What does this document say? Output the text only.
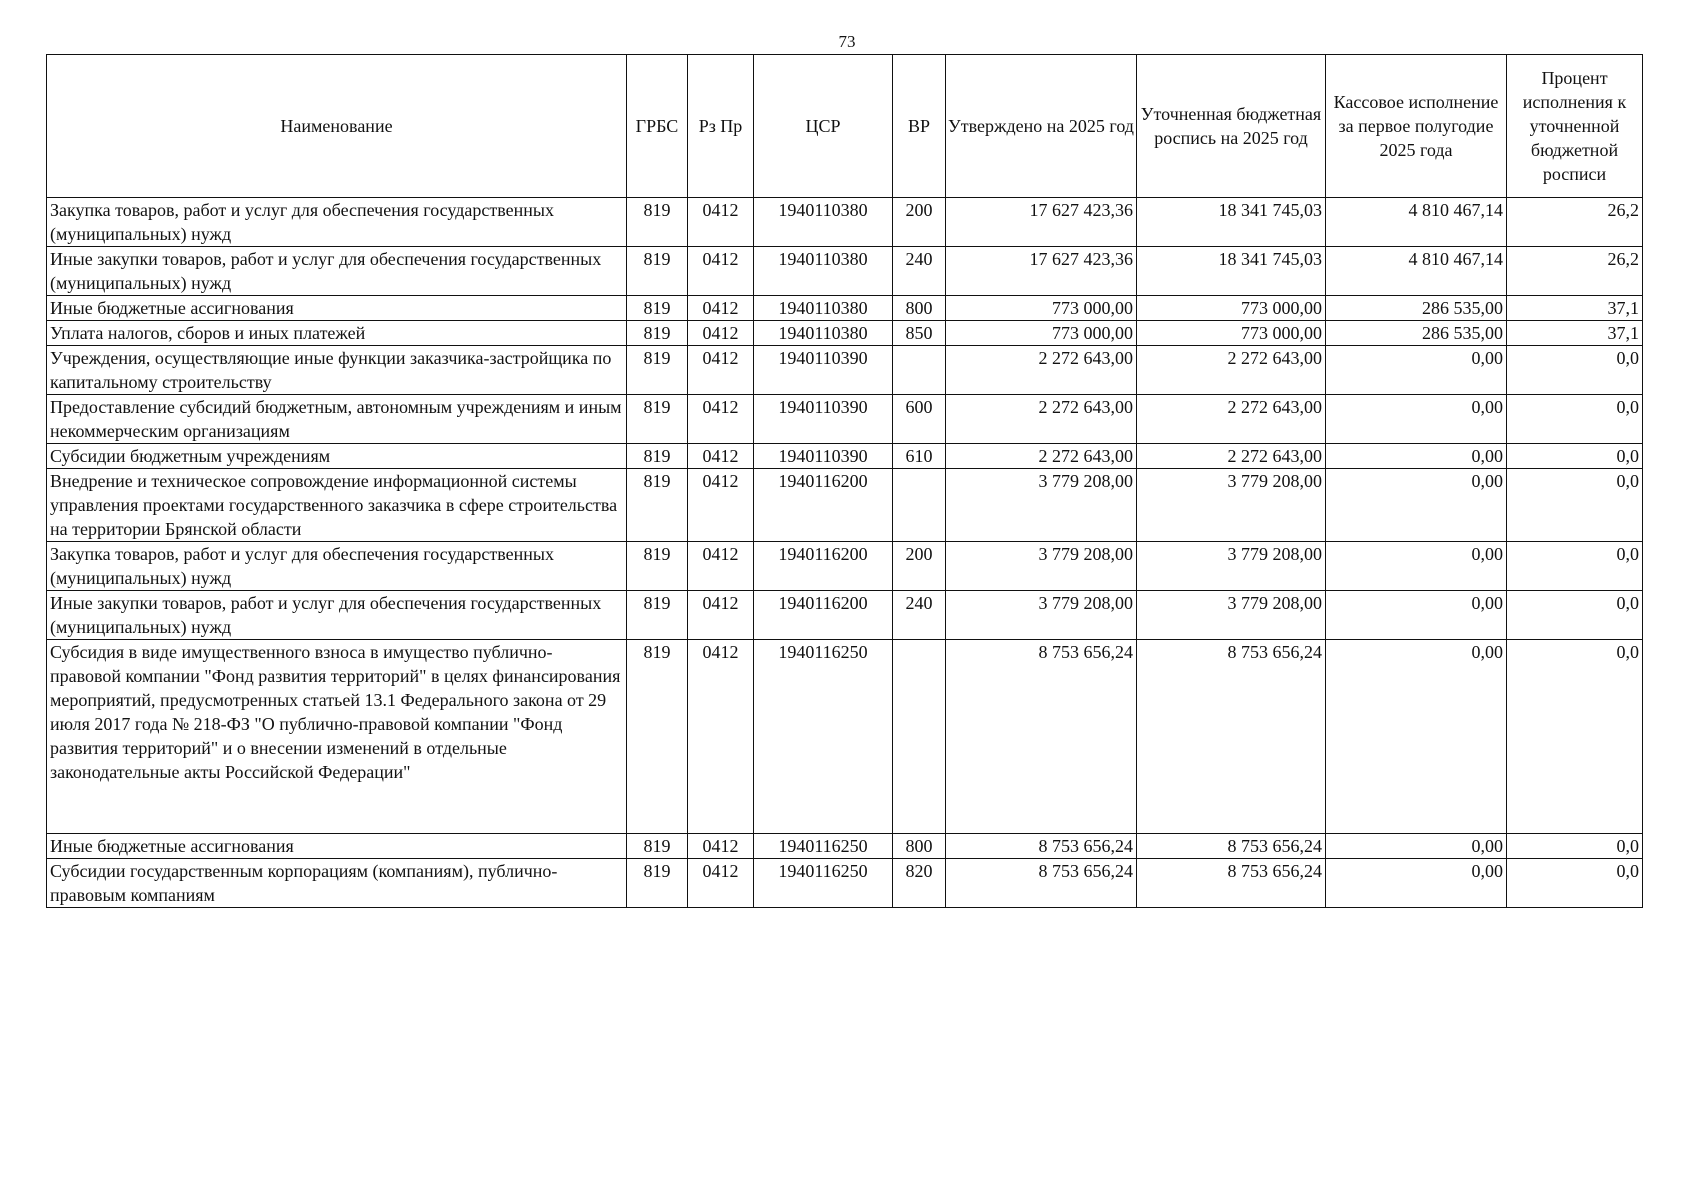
73
Наименование	ГРБС	Рз Пр	ЦСР	ВР	Утверждено на 2025 год	Уточненная бюджетная роспись на 2025 год	Кассовое исполнение за первое полугодие 2025 года	Процент исполнения к уточненной бюджетной росписи
Закупка товаров, работ и услуг для обеспечения государственных (муниципальных) нужд	819	0412	1940110380	200	17 627 423,36	18 341 745,03	4 810 467,14	26,2
Иные закупки товаров, работ и услуг для обеспечения государственных (муниципальных) нужд	819	0412	1940110380	240	17 627 423,36	18 341 745,03	4 810 467,14	26,2
Иные бюджетные ассигнования	819	0412	1940110380	800	773 000,00	773 000,00	286 535,00	37,1
Уплата налогов, сборов и иных платежей	819	0412	1940110380	850	773 000,00	773 000,00	286 535,00	37,1
Учреждения, осуществляющие иные функции заказчика-застройщика по капитальному строительству	819	0412	1940110390		2 272 643,00	2 272 643,00	0,00	0,0
Предоставление субсидий бюджетным, автономным учреждениям и иным некоммерческим организациям	819	0412	1940110390	600	2 272 643,00	2 272 643,00	0,00	0,0
Субсидии бюджетным учреждениям	819	0412	1940110390	610	2 272 643,00	2 272 643,00	0,00	0,0
Внедрение и техническое сопровождение информационной системы управления проектами государственного заказчика в сфере строительства на территории Брянской области	819	0412	1940116200		3 779 208,00	3 779 208,00	0,00	0,0
Закупка товаров, работ и услуг для обеспечения государственных (муниципальных) нужд	819	0412	1940116200	200	3 779 208,00	3 779 208,00	0,00	0,0
Иные закупки товаров, работ и услуг для обеспечения государственных (муниципальных) нужд	819	0412	1940116200	240	3 779 208,00	3 779 208,00	0,00	0,0
Субсидия в виде имущественного взноса в имущество публично-правовой компании "Фонд развития территорий" в целях финансирования мероприятий, предусмотренных статьей 13.1 Федерального закона от 29 июля 2017 года № 218-ФЗ "О публично-правовой компании "Фонд развития территорий" и о внесении изменений в отдельные законодательные акты Российской Федерации"	819	0412	1940116250		8 753 656,24	8 753 656,24	0,00	0,0
Иные бюджетные ассигнования	819	0412	1940116250	800	8 753 656,24	8 753 656,24	0,00	0,0
Субсидии государственным корпорациям (компаниям), публично-правовым компаниям	819	0412	1940116250	820	8 753 656,24	8 753 656,24	0,00	0,0
